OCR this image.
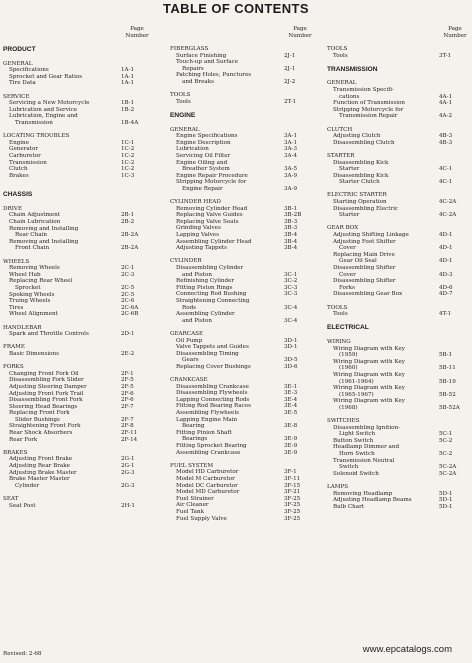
TABLE OF CONTENTS
Page Number
PRODUCT
GENERAL
Specifications	1A-1
Sprocket and Gear Ratios	1A-1
Tire Data	1A-1
SERVICE
Servicing a New Motorcycle	1B-1
Lubrication and Service	1B-2
Lubrication, Engine and
Transmission	1B-4A
LOCATING TROUBLES
Engine	1C-1
Generator	1C-2
Carburetor	1C-2
Transmission	1C-2
Clutch	1C-2
Brakes	1C-3
CHASSIS
DRIVE
Chain Adjustment	2B-1
Chain Lubrication	2B-2
Removing and Installing
Rear Chain	2B-2A
Removing and Installing
Front Chain	2B-2A
WHEELS
Removing Wheels	2C-1
Wheel Hub	2C-3
Replacing Rear Wheel
Sprocket	2C-5
Spoking Wheels	2C-5
Truing Wheels	2C-6
Tires	2C-6A
Wheel Alignment	2C-6B
HANDLEBAR
Spark and Throttle Controls	2D-1
FRAME
Basic Dimensions	2E-2
FORKS
Changing Front Fork Oil	2F-1
Disassembling Fork Slider	2F-5
Adjusting Steering Damper	2F-5
Adjusting Front Fork Trail	2F-6
Disassembling Front Fork	2F-6
Steering Head Bearings	2F-7
Replacing Front Fork
Slider Bushings	2F-7
Straightening Front Fork	2F-8
Rear Shock Absorbers	2F-11
Rear Fork	2F-14
BRAKES
Adjusting Front Brake	2G-1
Adjusting Rear Brake	2G-1
Adjusting Brake Master	2G-3
Brake Master Master
Cylinder	2G-3
SEAT
Seat Post	2H-1
Page Number
FIBERGLASS
Surface Finishing	2J-1
Touch-up and Surface
Repairs	2J-1
Patching Holes, Punctures
and Breaks	2J-2
TOOLS
Tools	2T-1
ENGINE
GENERAL
Engine Specifications	3A-1
Engine Description	3A-1
Lubrication	3A-3
Servicing Oil Filter	3A-4
Engine Oiling and
Breather System	3A-5
Engine Repair Procedure	3A-9
Stripping Motorcycle for
Engine Repair	3A-9
CYLINDER HEAD
Removing Cylinder Head	3B-1
Replacing Valve Guides	3B-2B
Replacing Valve Seats	3B-3
Grinding Valves	3B-3
Lapping Valves	3B-4
Assembling Cylinder Head	3B-4
Adjusting Tappets	3B-4
CYLINDER
Disassembling Cylinder
and Piston	3C-1
Refinishing Cylinder	3C-2
Fitting Piston Rings	3C-3
Connecting Rod Bushing	3C-3
Straightening Connecting
Rods	3C-4
Assembling Cylinder
and Piston	3C-4
GEARCASE
Oil Pump	3D-1
Valve Tappets and Guides	3D-1
Disassembling Timing
Gears	3D-5
Replacing Cover Bushings	3D-6
CRANKCASE
Disassembling Crankcase	3E-1
Disassembling Flywheels	3E-3
Lapping Connecting Rods	3E-4
Fitting Rod Bearing Races	3E-4
Assembling Flywheels	3E-5
Lapping Engine Main
Bearing	3E-8
Fitting Pinion Shaft
Bearings	3E-9
Fitting Sprocket Bearing	3E-9
Assembling Crankcase	3E-9
FUEL SYSTEM
Model HD Carburetor	3F-1
Model M Carburetor	3F-11
Model DC Carburetor	3F-15
Model MD Carburetor	3F-21
Fuel Strainer	3F-25
Air Cleaner	3F-25
Fuel Tank	3F-25
Fuel Supply Valve	3F-25
Page Number
TOOLS
Tools	3T-1
TRANSMISSION
GENERAL
Transmission Specifi-
cations	4A-1
Function of Transmission	4A-1
Stripping Motorcycle for
Transmission Repair	4A-2
CLUTCH
Adjusting Clutch	4B-3
Disassembling Clutch	4B-3
STARTER
Disassembling Kick
Starter	4C-1
Disassembling Kick
Starter Clutch	4C-1
ELECTRIC STARTER
Starting Operation	4C-2A
Disassembling Electric
Starter	4C-2A
GEAR BOX
Adjusting Shifting Linkage	4D-1
Adjusting Foot Shifter
Cover	4D-1
Replacing Main Drive
Gear Oil Seal	4D-1
Disassembling Shifter
Cover	4D-3
Disassembling Shifter
Forks	4D-6
Disassembling Gear Box	4D-7
TOOLS
Tools	4T-1
ELECTRICAL
WIRING
Wiring Diagram with Key
(1959)	5B-1
Wiring Diagram with Key
(1960)	5B-11
Wiring Diagram with Key
(1961-1964)	5B-19
Wiring Diagram with Key
(1965-1967)	5B-52
Wiring Diagram with Key
(1968)	5B-52A
SWITCHES
Disassembling Ignition-
Light Switch	5C-1
Button Switch	5C-2
Headlamp Dimmer and
Horn Switch	5C-2
Transmission Neutral
Switch	5C-2A
Solenoid Switch	5C-2A
LAMPS
Removing Headlamp	5D-1
Adjusting Headlamp Beams	5D-1
Bulb Chart	5D-1
Revised: 2-68	www.epcatalogs.com
